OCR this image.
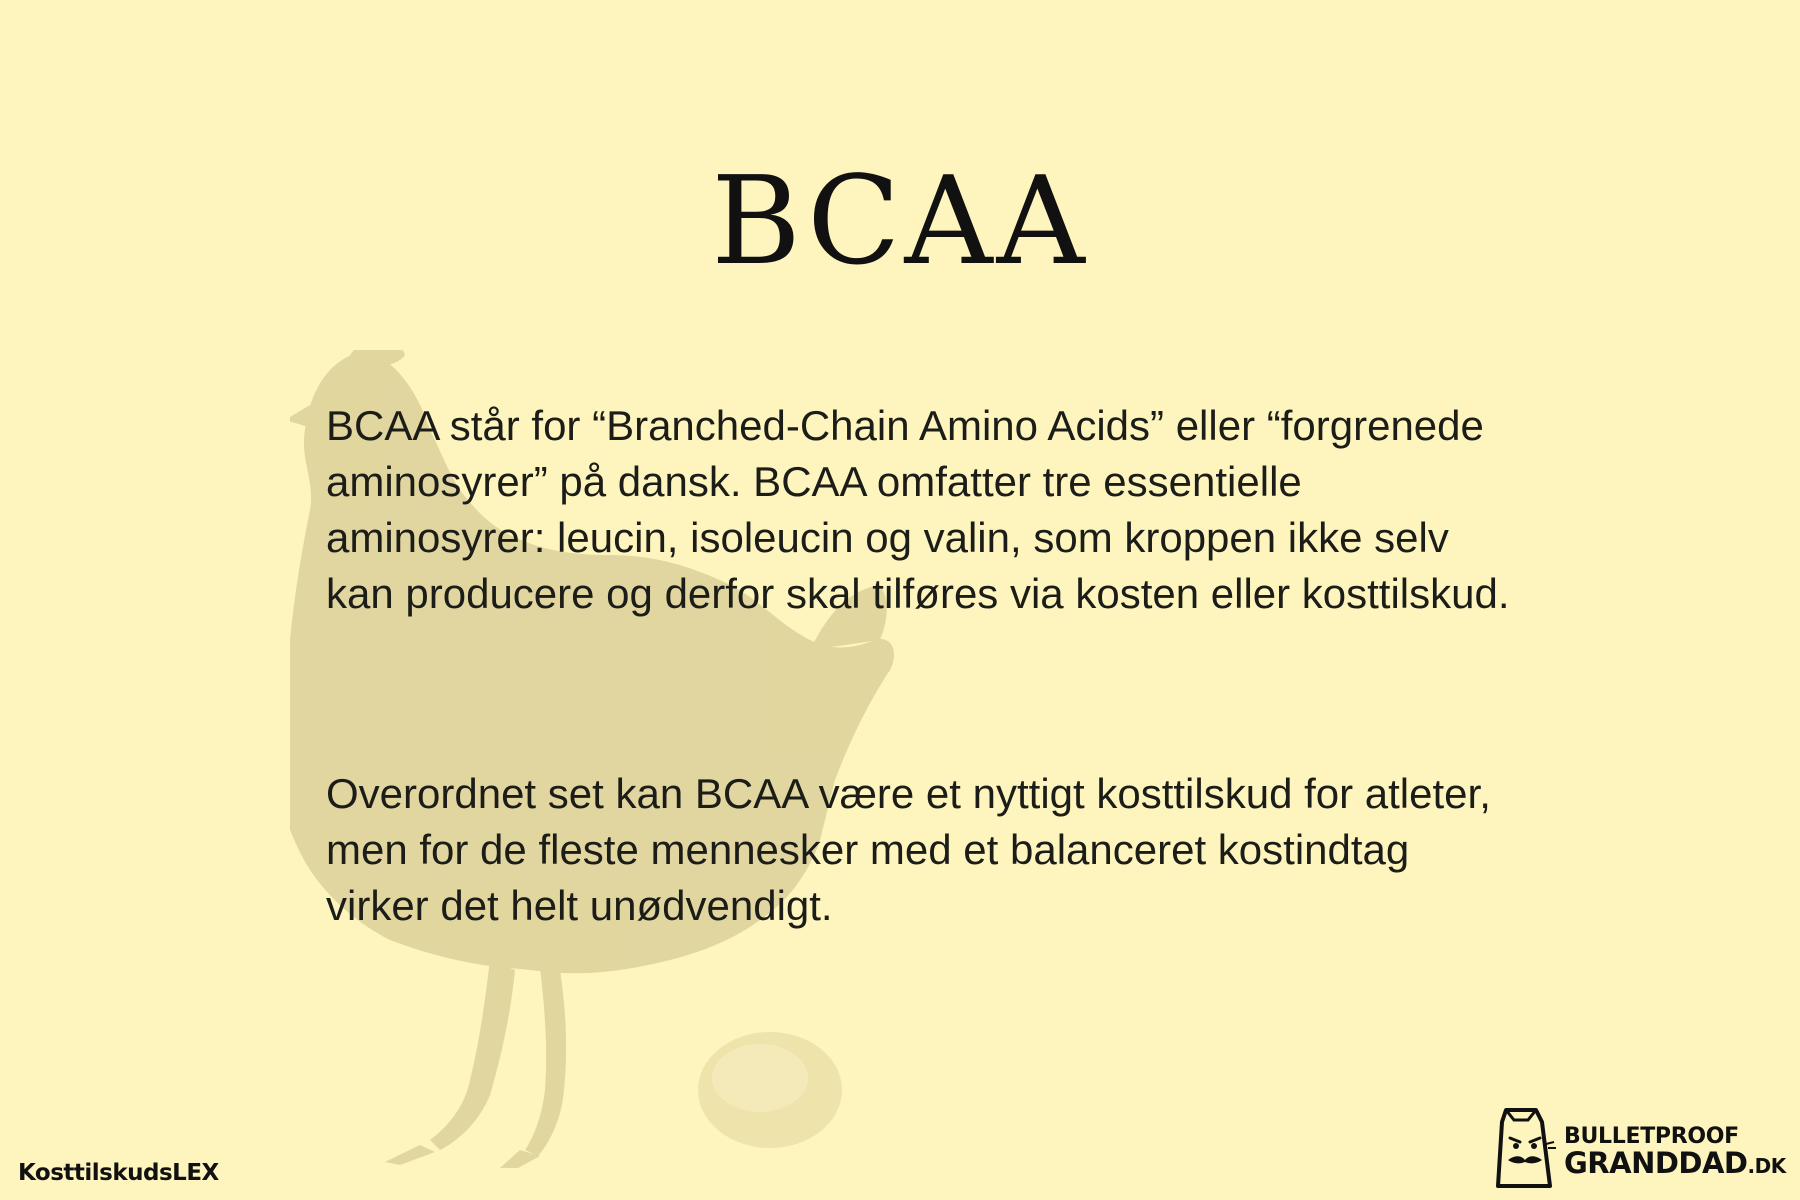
BCAA

BCAA står for “Branched-Chain Amino Acids” eller “forgrenede aminosyrer” på dansk. BCAA omfatter tre essentielle aminosyrer: leucin, isoleucin og valin, som kroppen ikke selv kan producere og derfor skal tilføres via kosten eller kosttilskud.

Overordnet set kan BCAA være et nyttigt kosttilskud for atleter, men for de fleste mennesker med et balanceret kostindtag virker det helt unødvendigt.

KosttilskudsLEX
BULLETPROOF
GRANDDAD.DK
